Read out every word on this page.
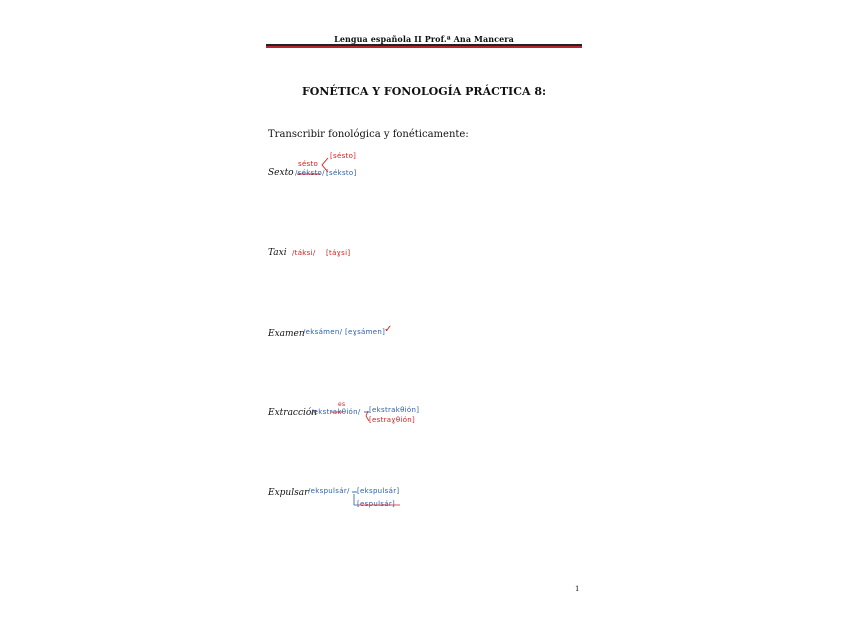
Lengua española II Prof.ª Ana Mancera
FONÉTICA Y FONOLOGÍA PRÁCTICA 8:
Transcribir fonológica y fonéticamente:
Sexto
sésto
/séksto/
[sésto]
[séksto]
Taxi /táksi/ [táɣsi]
Examen
/eksámen/ [eɣsámen]
✓
Extracción
es
/ekstrakθión/ [ekstrakθión]
[estraɣθión]
Expulsar /ekspulsár/ [ekspulsár]
[espulsár]
1
